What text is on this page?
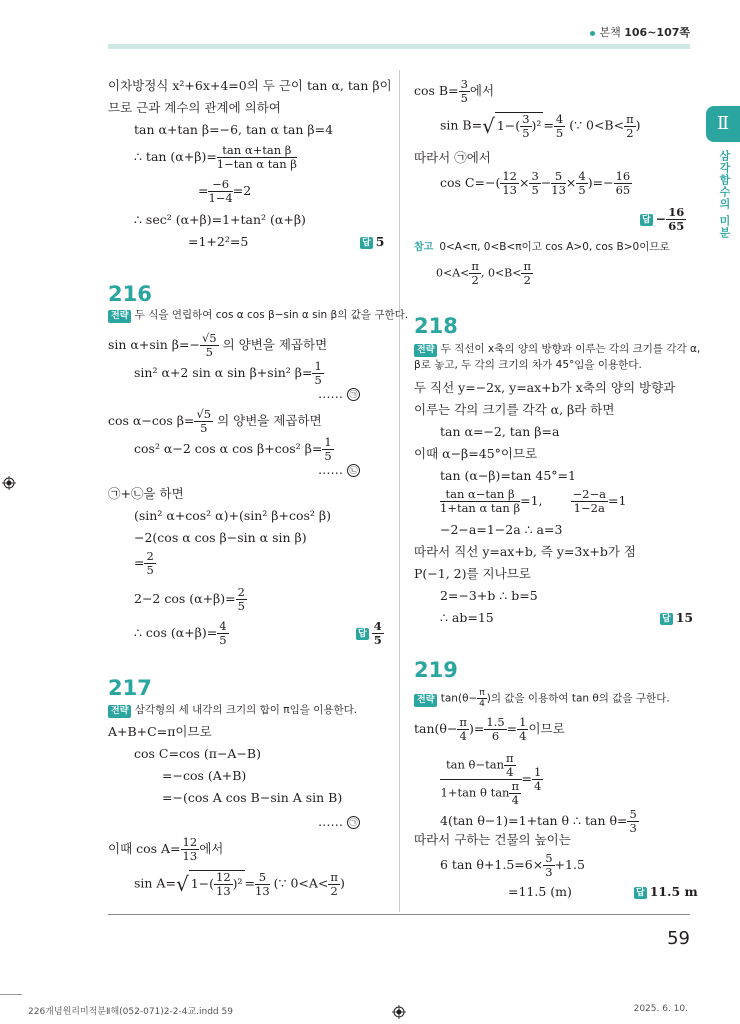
본책 106~107쪽
Ⅱ
삼각함수의 미분
이차방정식 x²+6x+4=0의 두 근이 tan α, tan β이
므로 근과 계수의 관계에 의하여
tan α+tan β=−6, tan α tan β=4
∴ $\tan (\alpha+\beta)= \frac{\text{tan α+tan β}}{\text{1−tan α tan β}}$
= $\frac{-6}{1-4} =2$
∴ sec² (α+β)=1+tan² (α+β)
=1+2²=5	답 5
216
전략 두 식을 연립하여 cos α cos β−sin α sin β의 값을 구한다.
sin α+sin $\beta=- \frac{√5}{5}$ 의 양변을 제곱하면
sin² α+2 sin α sin β+sin² $\beta= \frac{1}{5}$
…… ㉠
cos α−cos $\beta= \frac{√5}{5}$ 의 양변을 제곱하면
cos² α−2 cos α cos β+cos² $\beta= \frac{1}{5}$
…… ㉡
㉠+㉡을 하면
(sin² α+cos² α)+(sin² β+cos² β)
−2(cos α cos β−sin α sin β)
= $\frac{2}{5}$
2−2 $\cos (\alpha+\beta)= \frac{2}{5}$
∴ $\cos (\alpha+\beta)= \frac{4}{5}$	답 $\frac{4}{5}$
217
전략 삼각형의 세 내각의 크기의 합이 π임을 이용한다.
A+B+C=π이므로
cos C=cos (π−A−B)
=−cos (A+B)
=−(cos A cos B−sin A sin B)
…… ㉠
이때 $\cos A= \frac{12}{13}$ 에서
sin A=√ $1-( \frac{12}{13} )^2 = \frac{5}{13}$ (∵ $0<A< \frac{\pi}{2}$ )
$\cos B= \frac{3}{5}$ 에서
sin B=√ $1-( \frac{3}{5} )^2 = \frac{4}{5}$ (∵ $0<B< \frac{\pi}{2}$ )
따라서 ㉠에서
$\cos C=-( \frac{12}{13} \times \frac{3}{5} - \frac{5}{13} \times \frac{4}{5}$ )=− $\frac{16}{65}$
답 − $\frac{16}{65}$
참고 0<A<π, 0<B<π이고 cos A>0, cos B>0이므로
$0<A< \frac{\pi}{2}$ , $0<B< \frac{\pi}{2}$
218
전략 두 직선이 x축의 양의 방향과 이루는 각의 크기를 각각 α,
β로 놓고, 두 각의 크기의 차가 45°임을 이용한다.
두 직선 y=−2x, y=ax+b가 x축의 양의 방향과
이루는 각의 크기를 각각 α, β라 하면
tan α=−2, tan β=a
이때 α−β=45°이므로
tan (α−β)=tan 45°=1
$\frac{\text{tan α−tan β}}{\text{1+tan α tan β}} =1$, $\frac{-2-a}{1-2a} =1$
−2−a=1−2a ∴ a=3
따라서 직선 y=ax+b, 즉 y=3x+b가 점
P(−1, 2)를 지나므로
2=−3+b ∴ b=5
∴ ab=15	답 15
219
전략 $\tan(\theta- \frac{\pi}{4}$ )의 값을 이용하여 tan θ의 값을 구한다.
$\tan(\theta- \frac{\pi}{4}$ )= $\frac{1.5}{6} = \frac{1}{4}$ 이므로
$\frac{\tan \theta-\tan \frac{\pi}{4}}{1+\tan \theta \tan \frac{\pi}{4}} = \frac{1}{4}$
4(tan θ−1)=1+tan θ ∴ $\tan \theta= \frac{5}{3}$
따라서 구하는 건물의 높이는
6 $\tan \theta+1.5=6\times \frac{5}{3} +1.5$
=11.5 (m)	답 11.5 m
59
226개념원리미적분Ⅱ해(052-071)2-2-4교.indd 59	2025. 6. 10.
